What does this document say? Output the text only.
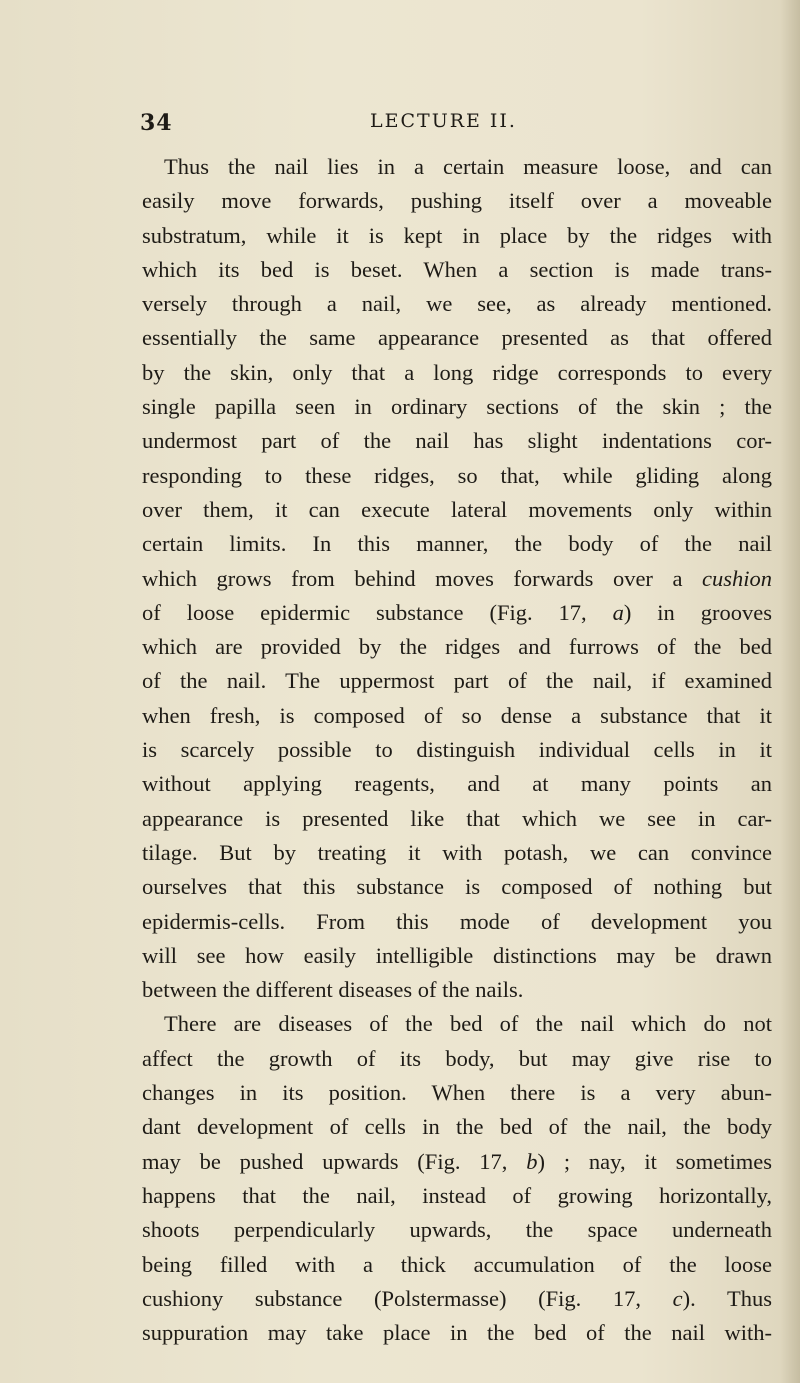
34	LECTURE II.
Thus the nail lies in a certain measure loose, and can
easily move forwards, pushing itself over a moveable
substratum, while it is kept in place by the ridges with
which its bed is beset. When a section is made trans-
versely through a nail, we see, as already mentioned.
essentially the same appearance presented as that offered
by the skin, only that a long ridge corresponds to every
single papilla seen in ordinary sections of the skin ; the
undermost part of the nail has slight indentations cor-
responding to these ridges, so that, while gliding along
over them, it can execute lateral movements only within
certain limits. In this manner, the body of the nail
which grows from behind moves forwards over a cushion
of loose epidermic substance (Fig. 17, a) in grooves
which are provided by the ridges and furrows of the bed
of the nail. The uppermost part of the nail, if examined
when fresh, is composed of so dense a substance that it
is scarcely possible to distinguish individual cells in it
without applying reagents, and at many points an
appearance is presented like that which we see in car-
tilage. But by treating it with potash, we can convince
ourselves that this substance is composed of nothing but
epidermis-cells. From this mode of development you
will see how easily intelligible distinctions may be drawn
between the different diseases of the nails.
There are diseases of the bed of the nail which do not
affect the growth of its body, but may give rise to
changes in its position. When there is a very abun-
dant development of cells in the bed of the nail, the body
may be pushed upwards (Fig. 17, b) ; nay, it sometimes
happens that the nail, instead of growing horizontally,
shoots perpendicularly upwards, the space underneath
being filled with a thick accumulation of the loose
cushiony substance (Polstermasse) (Fig. 17, c). Thus
suppuration may take place in the bed of the nail with-
